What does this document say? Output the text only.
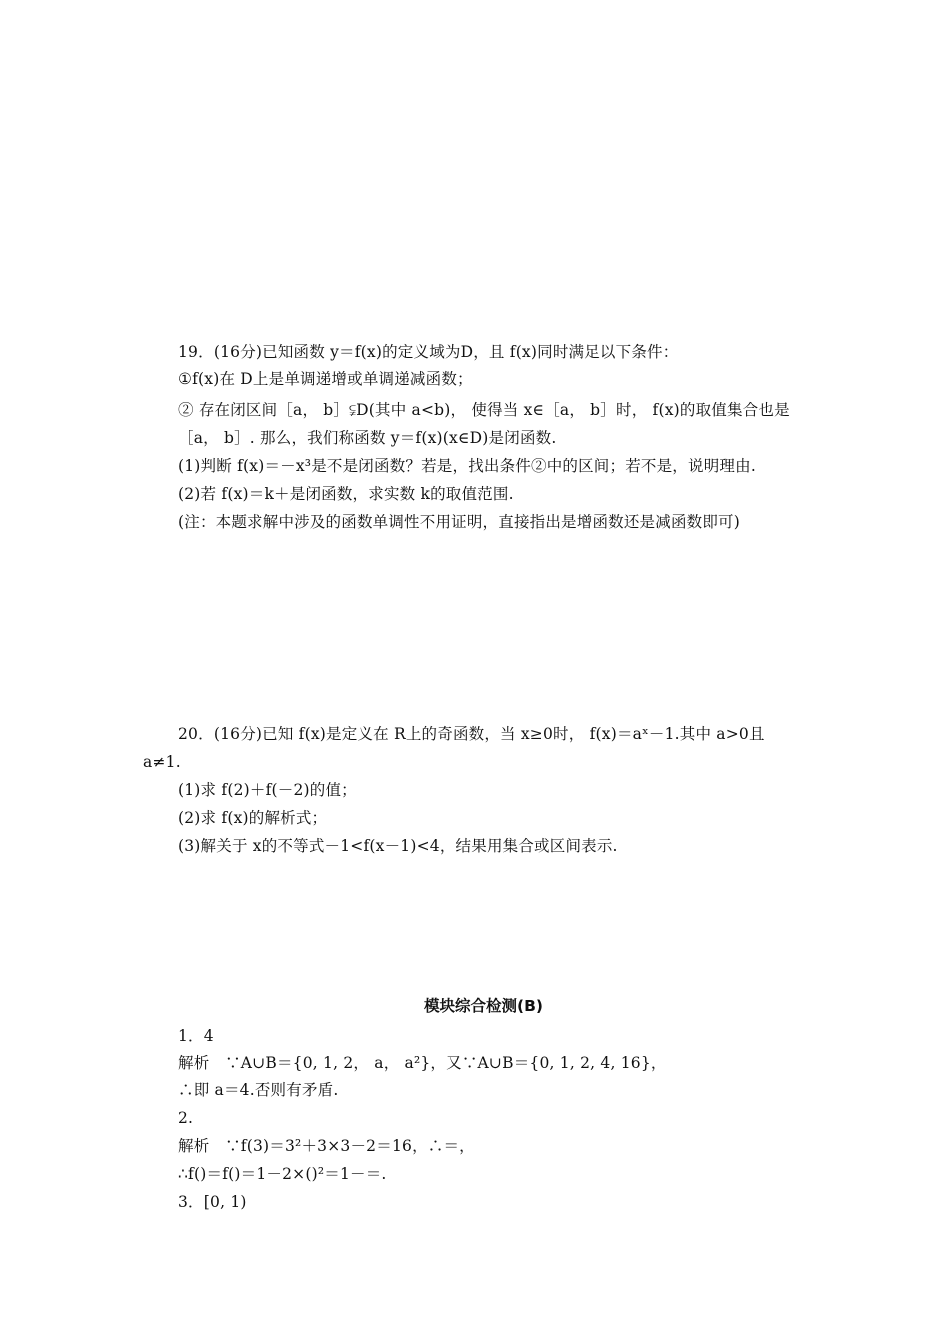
19．(16分)已知函数 y＝f(x)的定义域为D，且 f(x)同时满足以下条件：
①f(x)在 D上是单调递增或单调递减函数；
② 存在闭区间［a， b］⫋D(其中 a<b)， 使得当 x∈［a， b］时， f(x)的取值集合也是
［a， b］. 那么，我们称函数 y＝f(x)(x∈D)是闭函数.
(1)判断 f(x)＝－x³是不是闭函数？若是，找出条件②中的区间；若不是，说明理由.
(2)若 f(x)＝k＋是闭函数，求实数 k的取值范围.
(注：本题求解中涉及的函数单调性不用证明，直接指出是增函数还是减函数即可)
20．(16分)已知 f(x)是定义在 R上的奇函数，当 x≥0时， f(x)＝aˣ－1.其中 a>0且
a≠1.
(1)求 f(2)＋f(－2)的值；
(2)求 f(x)的解析式；
(3)解关于 x的不等式－1<f(x－1)<4，结果用集合或区间表示.
模块综合检测(B)
1．4
解析　∵A∪B＝{0, 1, 2， a， a²}，又∵A∪B＝{0, 1, 2, 4, 16}，
∴即 a＝4.否则有矛盾.
2.
解析　∵f(3)＝3²＋3×3－2＝16，∴＝，
∴f()＝f()＝1－2×()²＝1－＝.
3．[0, 1)
